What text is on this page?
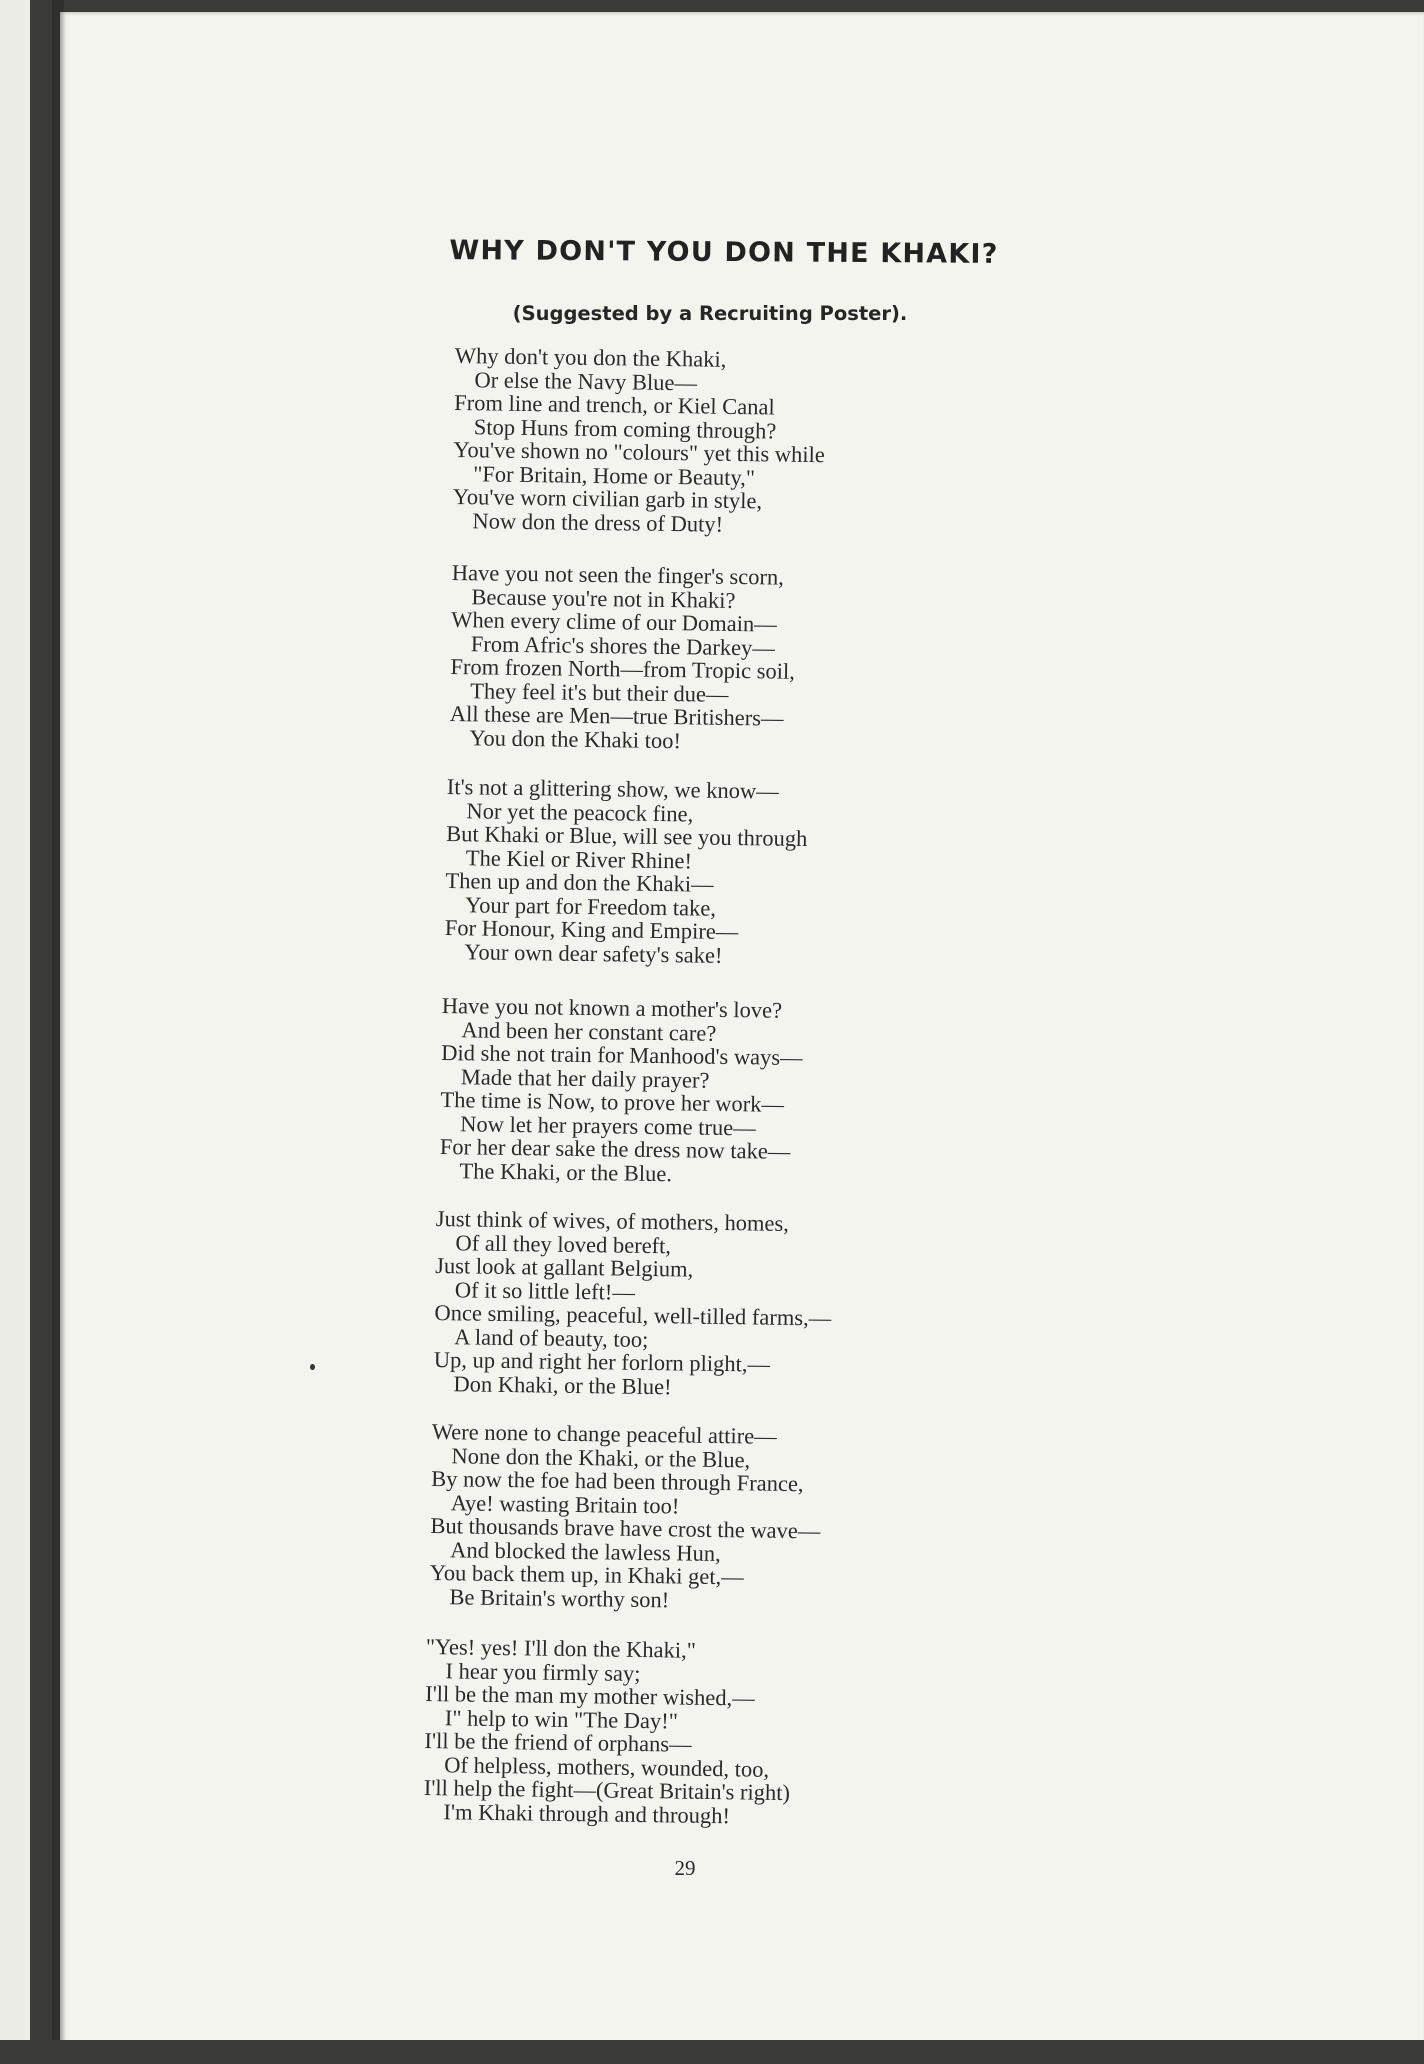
WHY DON'T YOU DON THE KHAKI?
(Suggested by a Recruiting Poster).
Why don't you don the Khaki,
Or else the Navy Blue—
From line and trench, or Kiel Canal
Stop Huns from coming through?
You've shown no "colours" yet this while
"For Britain, Home or Beauty,"
You've worn civilian garb in style,
Now don the dress of Duty!
Have you not seen the finger's scorn,
Because you're not in Khaki?
When every clime of our Domain—
From Afric's shores the Darkey—
From frozen North—from Tropic soil,
They feel it's but their due—
All these are Men—true Britishers—
You don the Khaki too!
It's not a glittering show, we know—
Nor yet the peacock fine,
But Khaki or Blue, will see you through
The Kiel or River Rhine!
Then up and don the Khaki—
Your part for Freedom take,
For Honour, King and Empire—
Your own dear safety's sake!
Have you not known a mother's love?
And been her constant care?
Did she not train for Manhood's ways—
Made that her daily prayer?
The time is Now, to prove her work—
Now let her prayers come true—
For her dear sake the dress now take—
The Khaki, or the Blue.
Just think of wives, of mothers, homes,
Of all they loved bereft,
Just look at gallant Belgium,
Of it so little left!—
Once smiling, peaceful, well-tilled farms,—
A land of beauty, too;
Up, up and right her forlorn plight,—
Don Khaki, or the Blue!
Were none to change peaceful attire—
None don the Khaki, or the Blue,
By now the foe had been through France,
Aye! wasting Britain too!
But thousands brave have crost the wave—
And blocked the lawless Hun,
You back them up, in Khaki get,—
Be Britain's worthy son!
"Yes! yes! I'll don the Khaki,"
I hear you firmly say;
I'll be the man my mother wished,—
I" help to win "The Day!"
I'll be the friend of orphans—
Of helpless, mothers, wounded, too,
I'll help the fight—(Great Britain's right)
I'm Khaki through and through!
29
